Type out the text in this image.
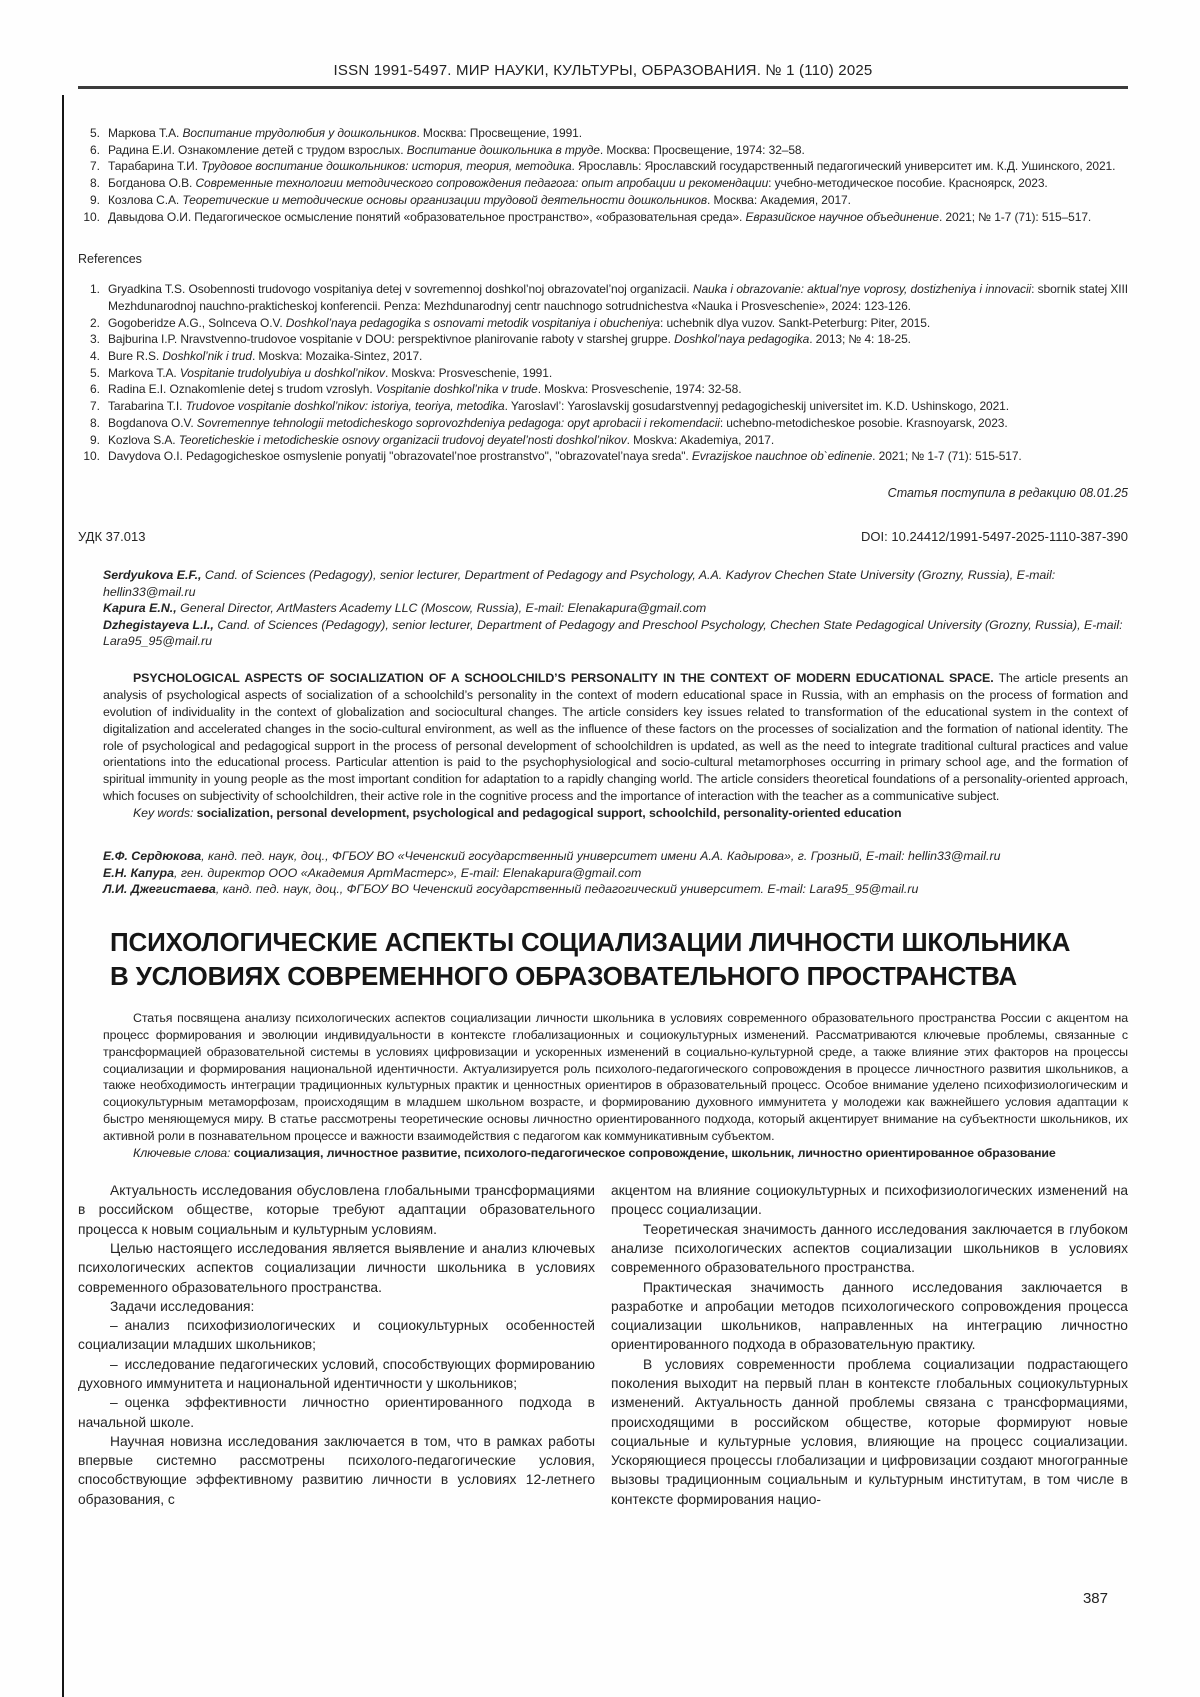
ISSN 1991-5497. МИР НАУКИ, КУЛЬТУРЫ, ОБРАЗОВАНИЯ. № 1 (110) 2025
5. Маркова Т.А. Воспитание трудолюбия у дошкольников. Москва: Просвещение, 1991.
6. Радина Е.И. Ознакомление детей с трудом взрослых. Воспитание дошкольника в труде. Москва: Просвещение, 1974: 32–58.
7. Тарабарина Т.И. Трудовое воспитание дошкольников: история, теория, методика. Ярославль: Ярославский государственный педагогический университет им. К.Д. Ушинского, 2021.
8. Богданова О.В. Современные технологии методического сопровождения педагога: опыт апробации и рекомендации: учебно-методическое пособие. Красноярск, 2023.
9. Козлова С.А. Теоретические и методические основы организации трудовой деятельности дошкольников. Москва: Академия, 2017.
10. Давыдова О.И. Педагогическое осмысление понятий «образовательное пространство», «образовательная среда». Евразийское научное объединение. 2021; № 1-7 (71): 515–517.
References
1. Gryadkina T.S. Osobennosti trudovogo vospitaniya detej v sovremennoj doshkol’noj obrazovatel’noj organizacii. Nauka i obrazovanie: aktual’nye voprosy, dostizheniya i innovacii: sbornik statej XIII Mezhdunarodnoj nauchno-prakticheskoj konferencii. Penza: Mezhdunarodnyj centr nauchnogo sotrudnichestva «Nauka i Prosveschenie», 2024: 123-126.
2. Gogoberidze A.G., Solnceva O.V. Doshkol’naya pedagogika s osnovami metodik vospitaniya i obucheniya: uchebnik dlya vuzov. Sankt-Peterburg: Piter, 2015.
3. Bajburina I.P. Nravstvenno-trudovoe vospitanie v DOU: perspektivnoe planirovanie raboty v starshej gruppe. Doshkol’naya pedagogika. 2013; № 4: 18-25.
4. Bure R.S. Doshkol’nik i trud. Moskva: Mozaika-Sintez, 2017.
5. Markova T.A. Vospitanie trudolyubiya u doshkol’nikov. Moskva: Prosveschenie, 1991.
6. Radina E.I. Oznakomlenie detej s trudom vzroslyh. Vospitanie doshkol’nika v trude. Moskva: Prosveschenie, 1974: 32-58.
7. Tarabarina T.I. Trudovoe vospitanie doshkol’nikov: istoriya, teoriya, metodika. Yaroslavl’: Yaroslavskij gosudarstvennyj pedagogicheskij universitet im. K.D. Ushinskogo, 2021.
8. Bogdanova O.V. Sovremennye tehnologii metodicheskogo soprovozhdeniya pedagoga: opyt aprobacii i rekomendacii: uchebno-metodicheskoe posobie. Krasnoyarsk, 2023.
9. Kozlova S.A. Teoreticheskie i metodicheskie osnovy organizacii trudovoj deyatel’nosti doshkol’nikov. Moskva: Akademiya, 2017.
10. Davydova O.I. Pedagogicheskoe osmyslenie ponyatij "obrazovatel’noe prostranstvo", "obrazovatel’naya sreda". Evrazijskoe nauchnoe ob`edinenie. 2021; № 1-7 (71): 515-517.
Статья поступила в редакцию 08.01.25
УДК 37.013	DOI: 10.24412/1991-5497-2025-1110-387-390

Serdyukova E.F., Cand. of Sciences (Pedagogy), senior lecturer, Department of Pedagogy and Psychology, A.A. Kadyrov Chechen State University (Grozny, Russia), E-mail: hellin33@mail.ru

Kapura E.N., General Director, ArtMasters Academy LLC (Moscow, Russia), E-mail: Elenakapura@gmail.com

Dzhegistayeva L.I., Cand. of Sciences (Pedagogy), senior lecturer, Department of Pedagogy and Preschool Psychology, Chechen State Pedagogical University (Grozny, Russia), E-mail: Lara95_95@mail.ru

PSYCHOLOGICAL ASPECTS OF SOCIALIZATION OF A SCHOOLCHILD’S PERSONALITY IN THE CONTEXT OF MODERN EDUCATIONAL SPACE. The article presents an analysis of psychological aspects of socialization of a schoolchild’s personality in the context of modern educational space in Russia, with an emphasis on the process of formation and evolution of individuality in the context of globalization and sociocultural changes. The article considers key issues related to transformation of the educational system in the context of digitalization and accelerated changes in the socio-cultural environment, as well as the influence of these factors on the processes of socialization and the formation of national identity. The role of psychological and pedagogical support in the process of personal development of schoolchildren is updated, as well as the need to integrate traditional cultural practices and value orientations into the educational process. Particular attention is paid to the psychophysiological and socio-cultural metamorphoses occurring in primary school age, and the formation of spiritual immunity in young people as the most important condition for adaptation to a rapidly changing world. The article considers theoretical foundations of a personality-oriented approach, which focuses on subjectivity of schoolchildren, their active role in the cognitive process and the importance of interaction with the teacher as a communicative subject.

Key words: socialization, personal development, psychological and pedagogical support, schoolchild, personality-oriented education

Е.Ф. Сердюкова, канд. пед. наук, доц., ФГБОУ ВО «Чеченский государственный университет имени А.А. Кадырова», г. Грозный, E-mail: hellin33@mail.ru

Е.Н. Капура, ген. директор ООО «Академия АртМастерс», E-mail: Elenakapura@gmail.com

Л.И. Джегистаева, канд. пед. наук, доц., ФГБОУ ВО Чеченский государственный педагогический университет. E-mail: Lara95_95@mail.ru

ПСИХОЛОГИЧЕСКИЕ АСПЕКТЫ СОЦИАЛИЗАЦИИ ЛИЧНОСТИ ШКОЛЬНИКА
В УСЛОВИЯХ СОВРЕМЕННОГО ОБРАЗОВАТЕЛЬНОГО ПРОСТРАНСТВА

Статья посвящена анализу психологических аспектов социализации личности школьника в условиях современного образовательного пространства России с акцентом на процесс формирования и эволюции индивидуальности в контексте глобализационных и социокультурных изменений. Рассматриваются ключевые проблемы, связанные с трансформацией образовательной системы в условиях цифровизации и ускоренных изменений в социально-культурной среде, а также влияние этих факторов на процессы социализации и формирования национальной идентичности. Актуализируется роль психолого-педагогического сопровождения в процессе личностного развития школьников, а также необходимость интеграции традиционных культурных практик и ценностных ориентиров в образовательный процесс. Особое внимание уделено психофизиологическим и социокультурным метаморфозам, происходящим в младшем школьном возрасте, и формированию духовного иммунитета у молодежи как важнейшего условия адаптации к быстро меняющемуся миру. В статье рассмотрены теоретические основы личностно ориентированного подхода, который акцентирует внимание на субъектности школьников, их активной роли в познавательном процессе и важности взаимодействия с педагогом как коммуникативным субъектом.

Ключевые слова: социализация, личностное развитие, психолого-педагогическое сопровождение, школьник, личностно ориентированное образование

Актуальность исследования обусловлена глобальными трансформациями в российском обществе, которые требуют адаптации образовательного процесса к новым социальным и культурным условиям.

Целью настоящего исследования является выявление и анализ ключевых психологических аспектов социализации личности школьника в условиях современного образовательного пространства.

Задачи исследования:

– анализ психофизиологических и социокультурных особенностей социализации младших школьников;

– исследование педагогических условий, способствующих формированию духовного иммунитета и национальной идентичности у школьников;

– оценка эффективности личностно ориентированного подхода в начальной школе.

Научная новизна исследования заключается в том, что в рамках работы впервые системно рассмотрены психолого-педагогические условия, способствующие эффективному развитию личности в условиях 12-летнего образования, с

акцентом на влияние социокультурных и психофизиологических изменений на процесс социализации.

Теоретическая значимость данного исследования заключается в глубоком анализе психологических аспектов социализации школьников в условиях современного образовательного пространства.

Практическая значимость данного исследования заключается в разработке и апробации методов психологического сопровождения процесса социализации школьников, направленных на интеграцию личностно ориентированного подхода в образовательную практику.

В условиях современности проблема социализации подрастающего поколения выходит на первый план в контексте глобальных социокультурных изменений. Актуальность данной проблемы связана с трансформациями, происходящими в российском обществе, которые формируют новые социальные и культурные условия, влияющие на процесс социализации. Ускоряющиеся процессы глобализации и цифровизации создают многогранные вызовы традиционным социальным и культурным институтам, в том числе в контексте формирования нацио-

387
